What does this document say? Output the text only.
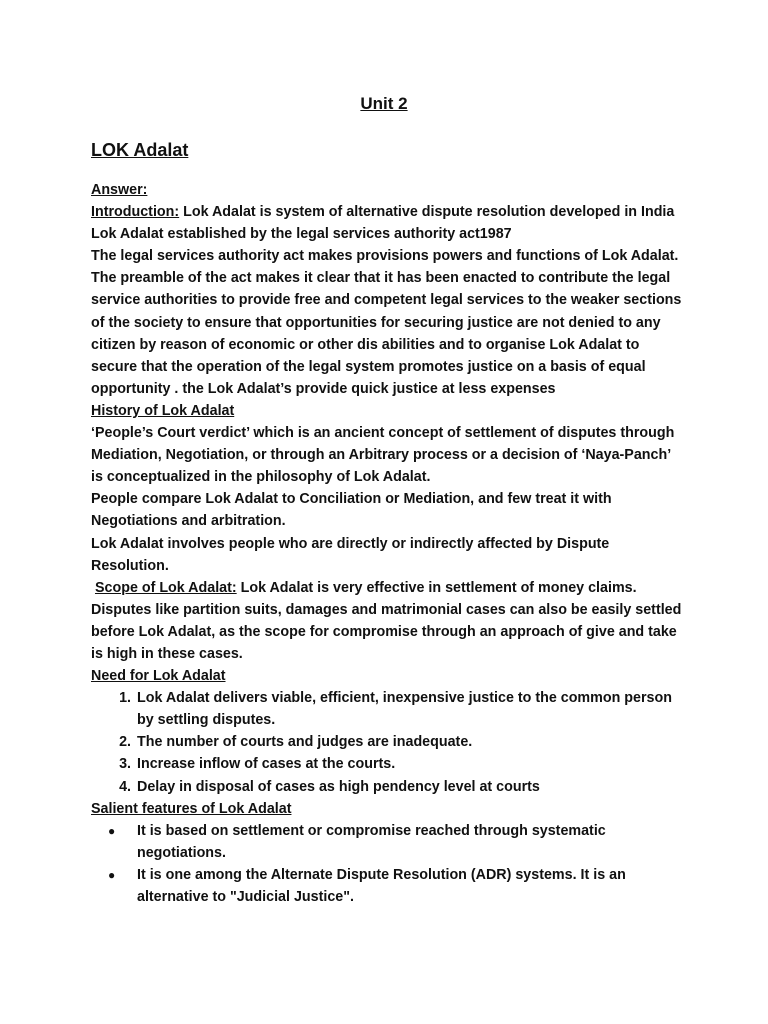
Unit 2
LOK Adalat

Answer:

Introduction: Lok Adalat is system of alternative dispute resolution developed in India Lok Adalat established by the legal services authority act1987

The legal services authority act makes provisions powers and functions of Lok Adalat. The preamble of the act makes it clear that it has been enacted to contribute the legal service authorities to provide free and competent legal services to the weaker sections of the society to ensure that opportunities for securing justice are not denied to any citizen by reason of economic or other dis abilities and to organise Lok Adalat to secure that the operation of the legal system promotes justice on a basis of equal opportunity . the Lok Adalat’s provide quick justice at less expenses

History of Lok Adalat

‘People’s Court verdict’ which is an ancient concept of settlement of disputes through Mediation, Negotiation, or through an Arbitrary process or a decision of ‘Naya-Panch’ is conceptualized in the philosophy of Lok Adalat.

People compare Lok Adalat to Conciliation or Mediation, and few treat it with Negotiations and arbitration.

Lok Adalat involves people who are directly or indirectly affected by Dispute Resolution.

Scope of Lok Adalat: Lok Adalat is very effective in settlement of money claims. Disputes like partition suits, damages and matrimonial cases can also be easily settled before Lok Adalat, as the scope for compromise through an approach of give and take is high in these cases.

Need for Lok Adalat

1. Lok Adalat delivers viable, efficient, inexpensive justice to the common person by settling disputes.
2. The number of courts and judges are inadequate.
3. Increase inflow of cases at the courts.
4. Delay in disposal of cases as high pendency level at courts

Salient features of Lok Adalat

● It is based on settlement or compromise reached through systematic negotiations.
● It is one among the Alternate Dispute Resolution (ADR) systems. It is an alternative to "Judicial Justice".
